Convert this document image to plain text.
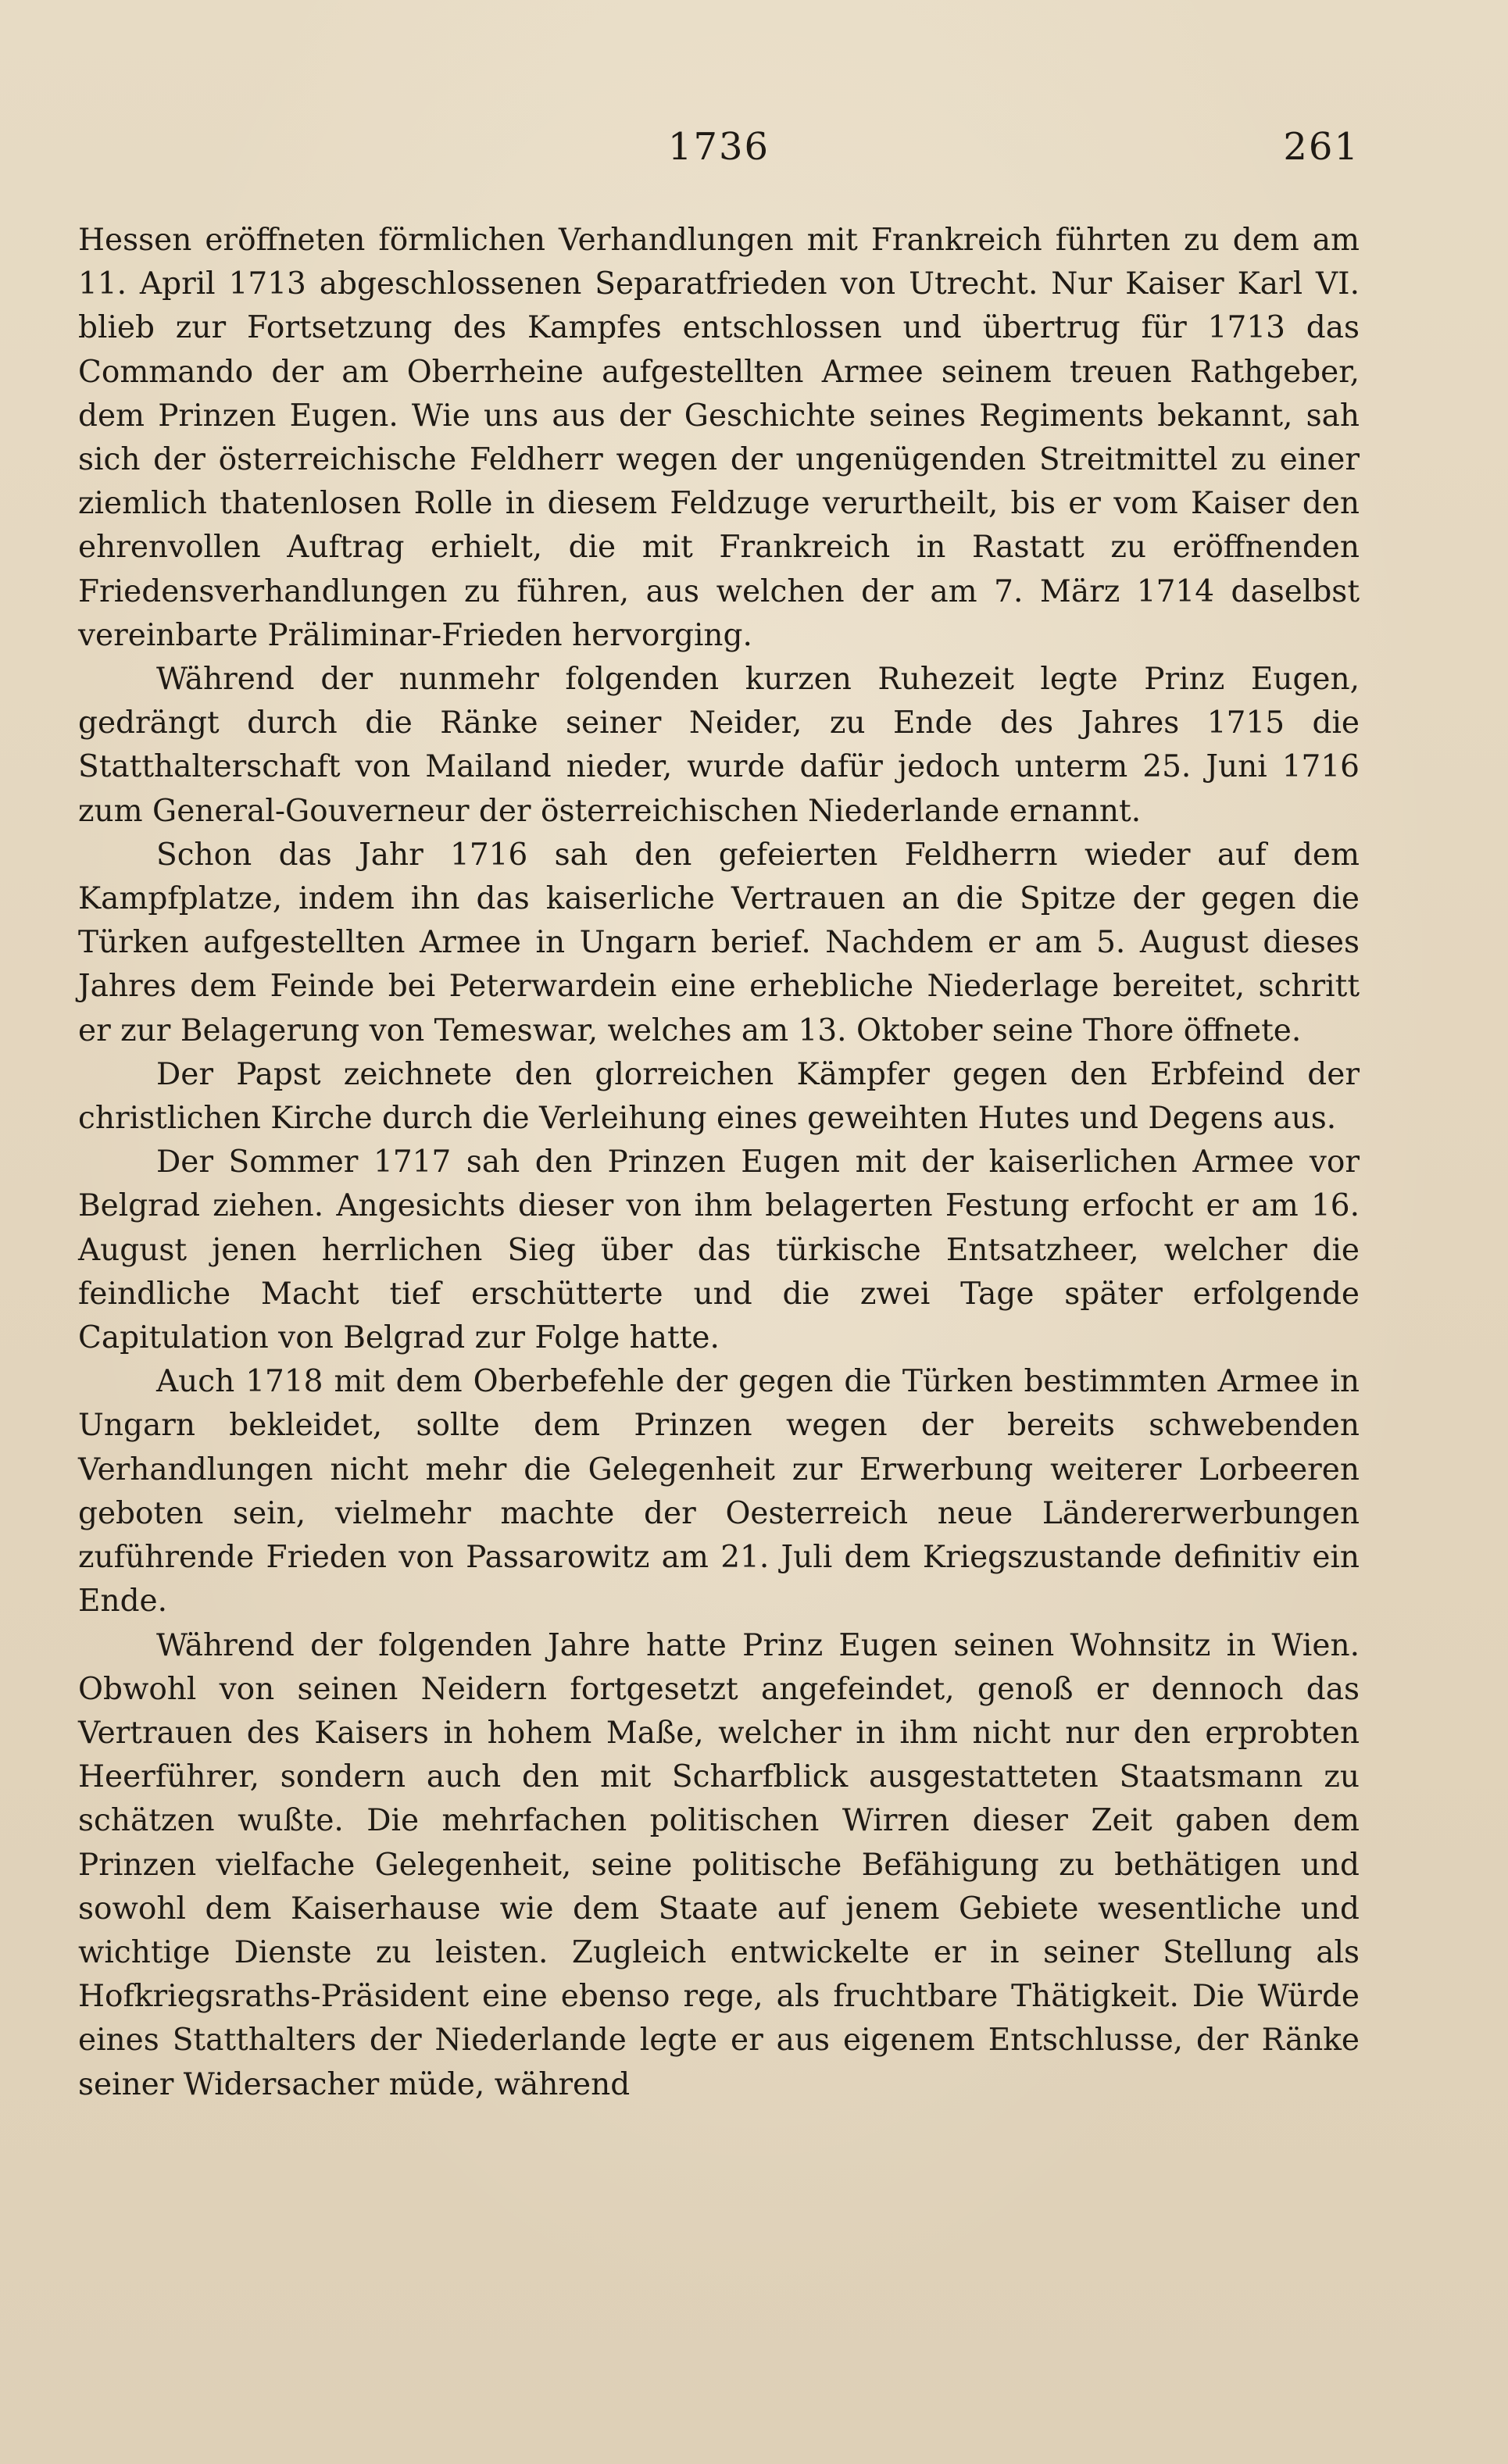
1736	261

Hessen eröffneten förmlichen Verhandlungen mit Frankreich führten zu dem am 11. April 1713 abgeschlossenen Separatfrieden von Utrecht. Nur Kaiser Karl VI. blieb zur Fortsetzung des Kampfes entschlossen und übertrug für 1713 das Commando der am Oberrheine aufgestellten Armee seinem treuen Rathgeber, dem Prinzen Eugen. Wie uns aus der Geschichte seines Regiments bekannt, sah sich der österreichische Feldherr wegen der ungenügenden Streitmittel zu einer ziemlich thatenlosen Rolle in diesem Feldzuge verurtheilt, bis er vom Kaiser den ehrenvollen Auftrag erhielt, die mit Frankreich in Rastatt zu eröffnenden Friedensverhandlungen zu führen, aus welchen der am 7. März 1714 daselbst vereinbarte Präliminar-Frieden hervorging.

Während der nunmehr folgenden kurzen Ruhezeit legte Prinz Eugen, gedrängt durch die Ränke seiner Neider, zu Ende des Jahres 1715 die Statthalterschaft von Mailand nieder, wurde dafür jedoch unterm 25. Juni 1716 zum General-Gouverneur der österreichischen Niederlande ernannt.

Schon das Jahr 1716 sah den gefeierten Feldherrn wieder auf dem Kampfplatze, indem ihn das kaiserliche Vertrauen an die Spitze der gegen die Türken aufgestellten Armee in Ungarn berief. Nachdem er am 5. August dieses Jahres dem Feinde bei Peterwardein eine erhebliche Niederlage bereitet, schritt er zur Belagerung von Temeswar, welches am 13. Oktober seine Thore öffnete.

Der Papst zeichnete den glorreichen Kämpfer gegen den Erbfeind der christlichen Kirche durch die Verleihung eines geweihten Hutes und Degens aus.

Der Sommer 1717 sah den Prinzen Eugen mit der kaiserlichen Armee vor Belgrad ziehen. Angesichts dieser von ihm belagerten Festung erfocht er am 16. August jenen herrlichen Sieg über das türkische Entsatzheer, welcher die feindliche Macht tief erschütterte und die zwei Tage später erfolgende Capitulation von Belgrad zur Folge hatte.

Auch 1718 mit dem Oberbefehle der gegen die Türken bestimmten Armee in Ungarn bekleidet, sollte dem Prinzen wegen der bereits schwebenden Verhandlungen nicht mehr die Gelegenheit zur Erwerbung weiterer Lorbeeren geboten sein, vielmehr machte der Oesterreich neue Ländererwerbungen zuführende Frieden von Passarowitz am 21. Juli dem Kriegszustande definitiv ein Ende.

Während der folgenden Jahre hatte Prinz Eugen seinen Wohnsitz in Wien. Obwohl von seinen Neidern fortgesetzt angefeindet, genoß er dennoch das Vertrauen des Kaisers in hohem Maße, welcher in ihm nicht nur den erprobten Heerführer, sondern auch den mit Scharfblick ausgestatteten Staatsmann zu schätzen wußte. Die mehrfachen politischen Wirren dieser Zeit gaben dem Prinzen vielfache Gelegenheit, seine politische Befähigung zu bethätigen und sowohl dem Kaiserhause wie dem Staate auf jenem Gebiete wesentliche und wichtige Dienste zu leisten. Zugleich entwickelte er in seiner Stellung als Hofkriegsraths-Präsident eine ebenso rege, als fruchtbare Thätigkeit. Die Würde eines Statthalters der Niederlande legte er aus eigenem Entschlusse, der Ränke seiner Widersacher müde, während
